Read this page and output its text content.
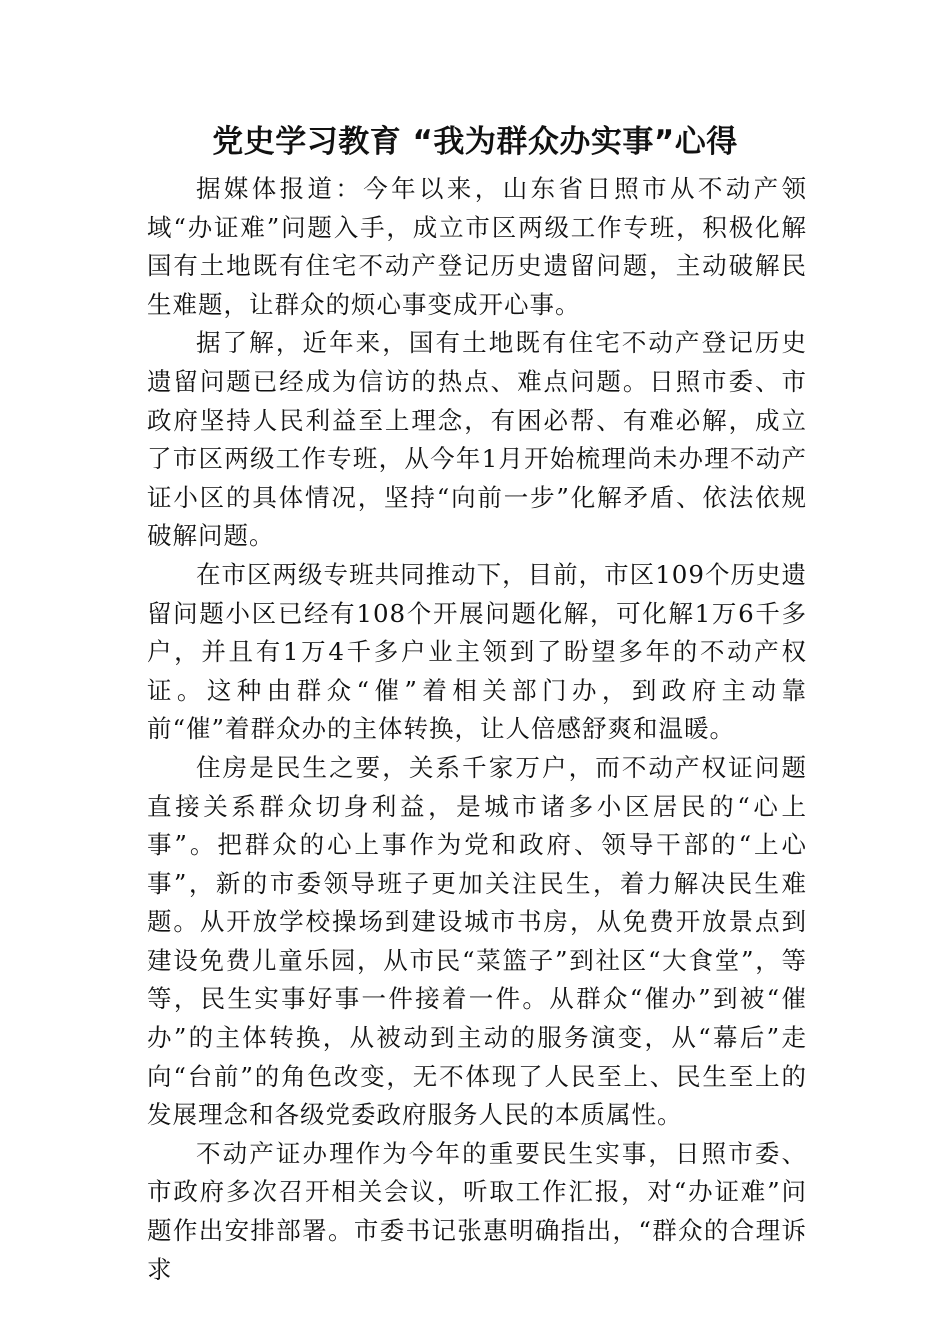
党史学习教育 “我为群众办实事”心得

据媒体报道：今年以来，山东省日照市从不动产领域“办证难”问题入手，成立市区两级工作专班，积极化解国有土地既有住宅不动产登记历史遗留问题，主动破解民生难题，让群众的烦心事变成开心事。

据了解，近年来，国有土地既有住宅不动产登记历史遗留问题已经成为信访的热点、难点问题。日照市委、市政府坚持人民利益至上理念，有困必帮、有难必解，成立了市区两级工作专班，从今年1月开始梳理尚未办理不动产证小区的具体情况，坚持“向前一步”化解矛盾、依法依规破解问题。

在市区两级专班共同推动下，目前，市区109个历史遗留问题小区已经有108个开展问题化解，可化解1万6千多户，并且有1万4千多户业主领到了盼望多年的不动产权证。这种由群众“催”着相关部门办，到政府主动靠前“催”着群众办的主体转换，让人倍感舒爽和温暖。

住房是民生之要，关系千家万户，而不动产权证问题直接关系群众切身利益，是城市诸多小区居民的“心上事”。把群众的心上事作为党和政府、领导干部的“上心事”，新的市委领导班子更加关注民生，着力解决民生难题。从开放学校操场到建设城市书房，从免费开放景点到建设免费儿童乐园，从市民“菜篮子”到社区“大食堂”，等等，民生实事好事一件接着一件。从群众“催办”到被“催办”的主体转换，从被动到主动的服务演变，从“幕后”走向“台前”的角色改变，无不体现了人民至上、民生至上的发展理念和各级党委政府服务人民的本质属性。

不动产证办理作为今年的重要民生实事，日照市委、市政府多次召开相关会议，听取工作汇报，对“办证难”问题作出安排部署。市委书记张惠明确指出，“群众的合理诉求
